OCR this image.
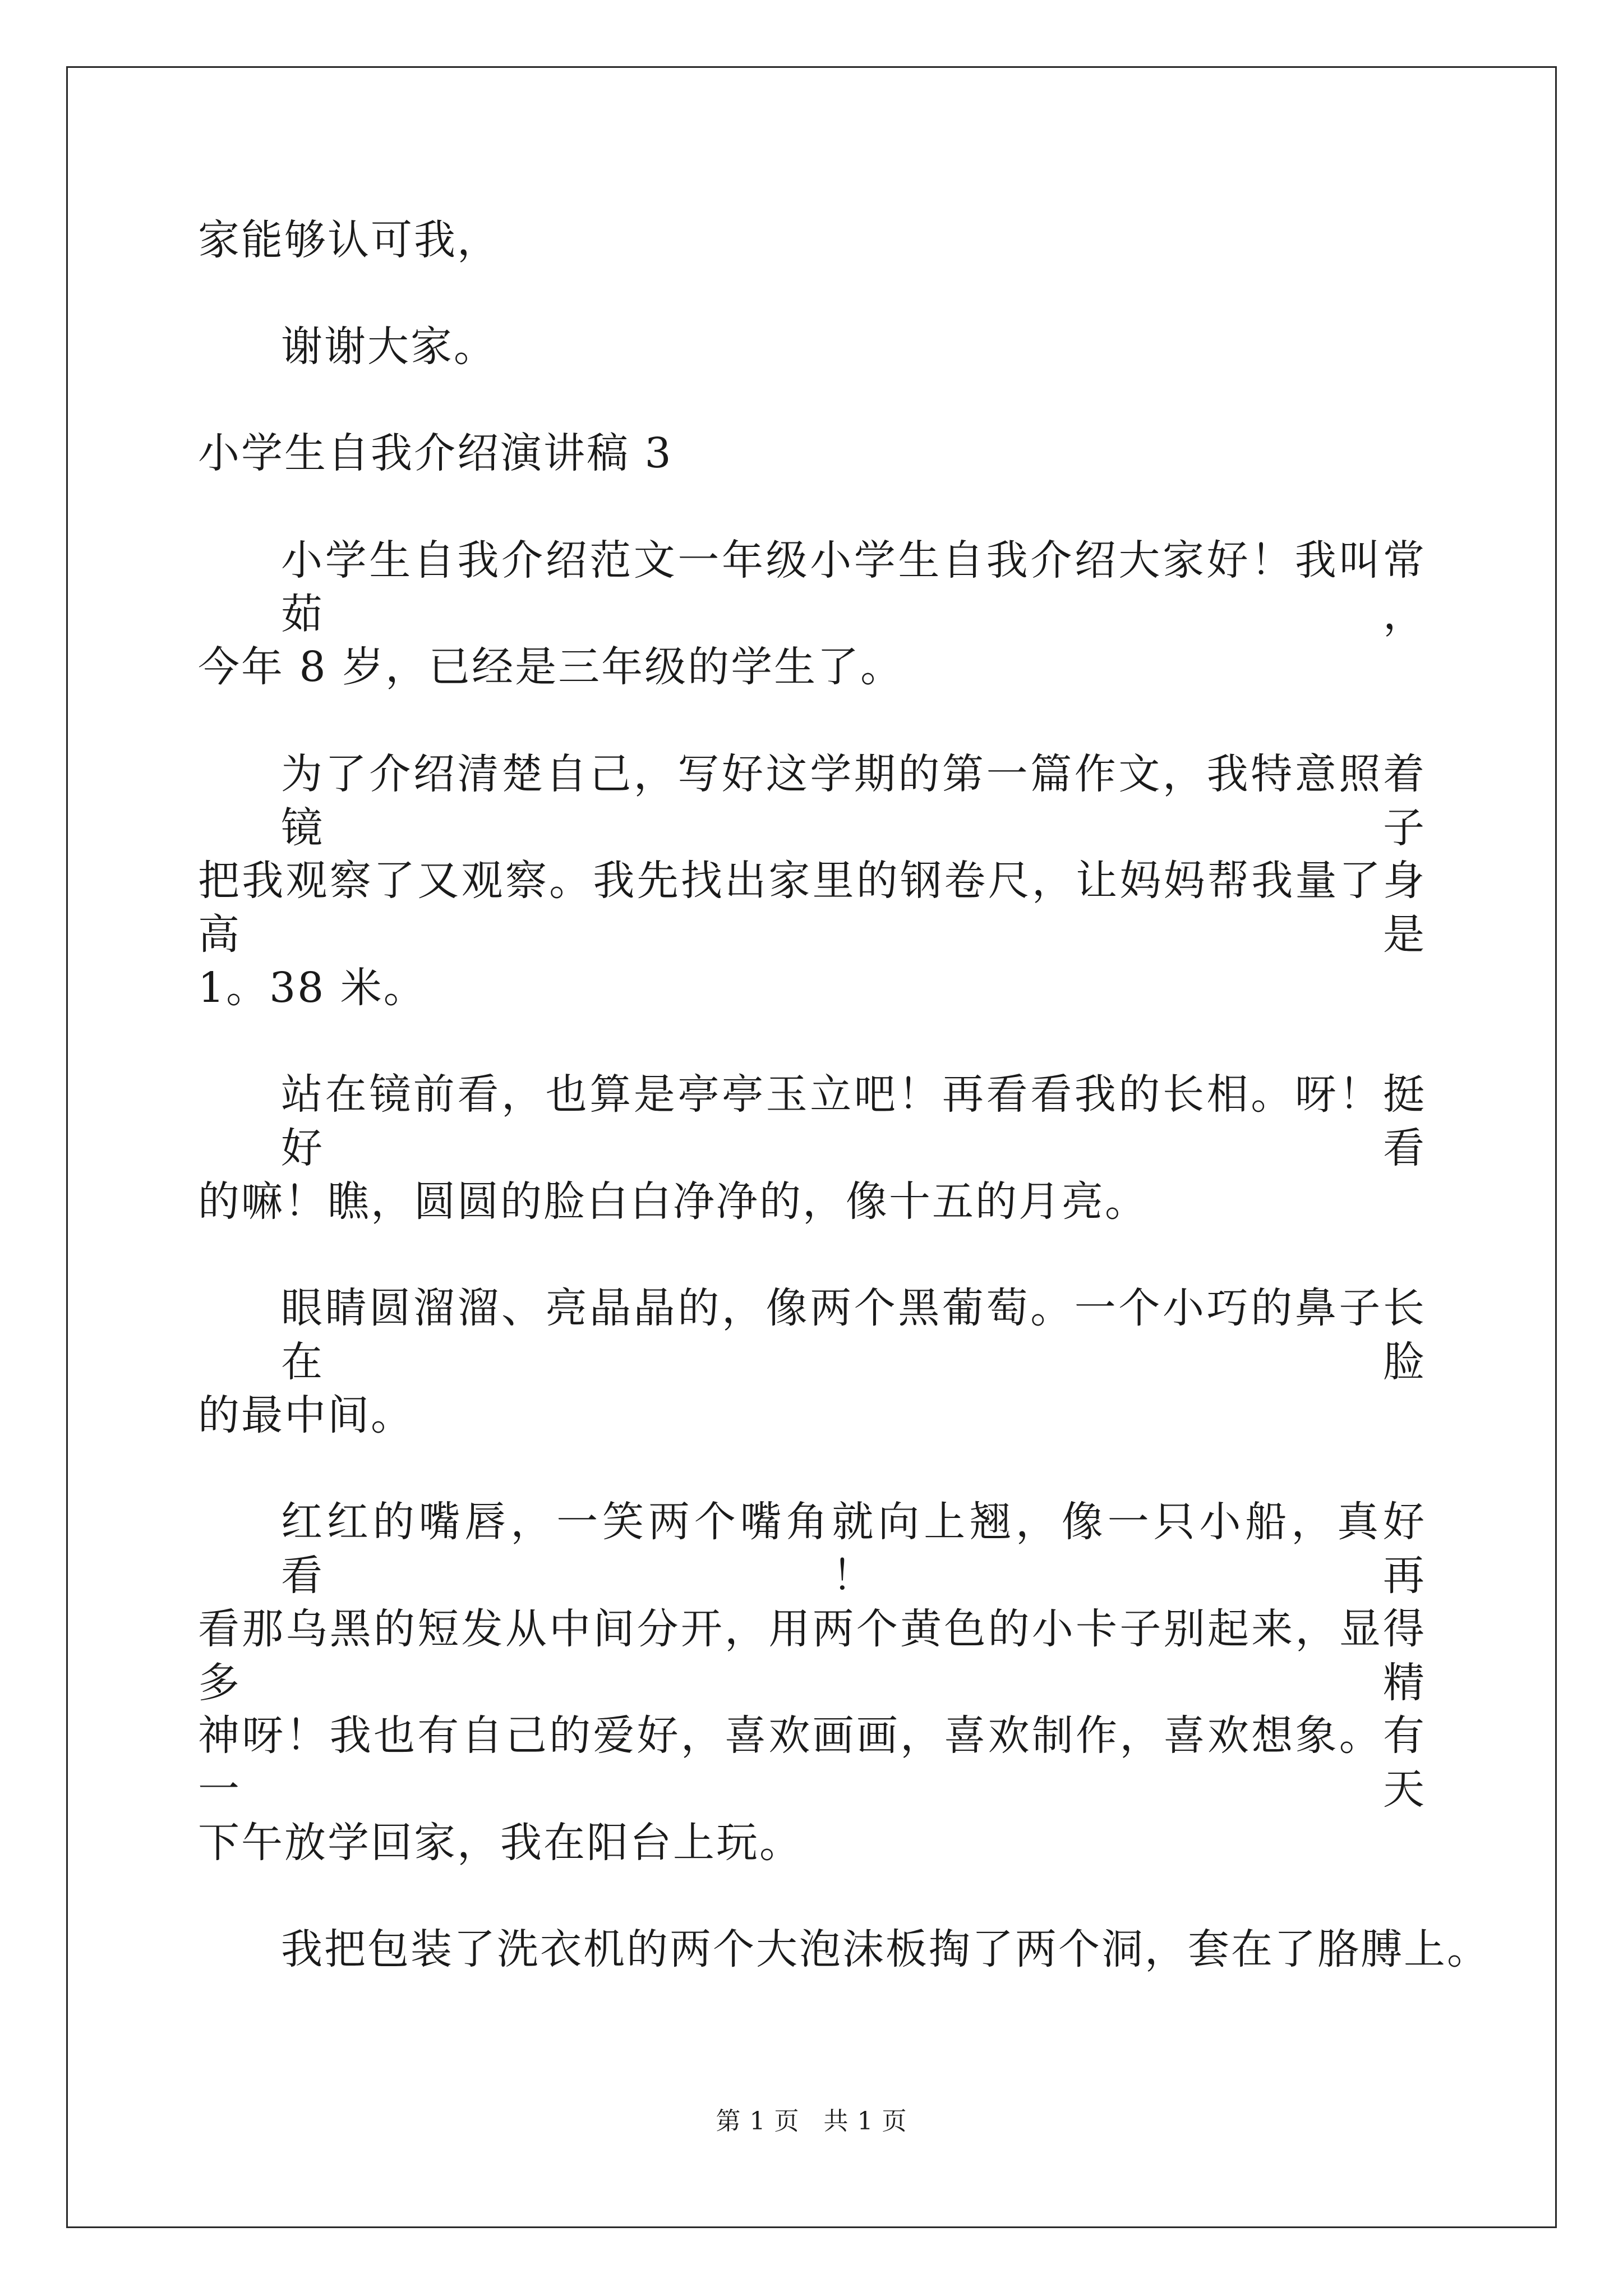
家能够认可我，
谢谢大家。
小学生自我介绍演讲稿 3
小学生自我介绍范文一年级小学生自我介绍大家好！我叫常茹，
今年 8 岁，已经是三年级的学生了。
为了介绍清楚自己，写好这学期的第一篇作文，我特意照着镜子
把我观察了又观察。我先找出家里的钢卷尺，让妈妈帮我量了身高是
1。38 米。
站在镜前看，也算是亭亭玉立吧！再看看我的长相。呀！挺好看
的嘛！瞧，圆圆的脸白白净净的，像十五的月亮。
眼睛圆溜溜、亮晶晶的，像两个黑葡萄。一个小巧的鼻子长在脸
的最中间。
红红的嘴唇，一笑两个嘴角就向上翘，像一只小船，真好看！再
看那乌黑的短发从中间分开，用两个黄色的小卡子别起来，显得多精
神呀！我也有自己的爱好，喜欢画画，喜欢制作，喜欢想象。有一天
下午放学回家，我在阳台上玩。
我把包装了洗衣机的两个大泡沫板掏了两个洞，套在了胳膊上。
第 1 页 共 1 页
